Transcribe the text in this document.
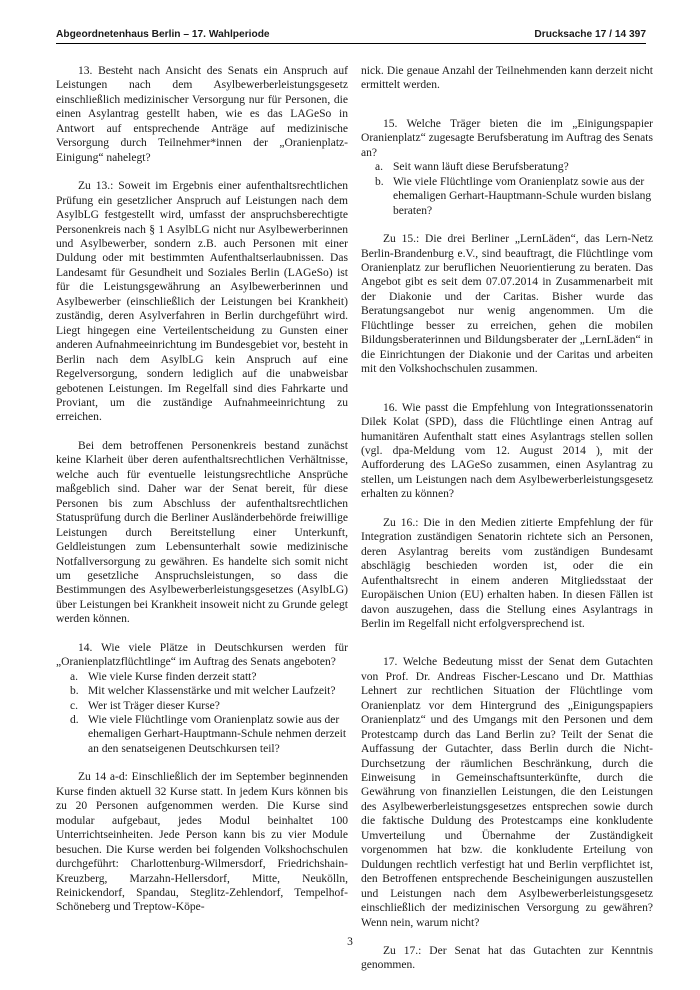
Abgeordnetenhaus Berlin – 17. Wahlperiode	Drucksache 17 / 14 397

13. Besteht nach Ansicht des Senats ein Anspruch auf Leistungen nach dem Asylbewerberleistungsgesetz einschließlich medizinischer Versorgung nur für Personen, die einen Asylantrag gestellt haben, wie es das LAGeSo in Antwort auf entsprechende Anträge auf medizinische Versorgung durch Teilnehmer*innen der „Oranienplatz-Einigung“ nahelegt?

Zu 13.: Soweit im Ergebnis einer aufenthaltsrechtlichen Prüfung ein gesetzlicher Anspruch auf Leistungen nach dem AsylbLG festgestellt wird, umfasst der anspruchsberechtigte Personenkreis nach § 1 AsylbLG nicht nur Asylbewerberinnen und Asylbewerber, sondern z.B. auch Personen mit einer Duldung oder mit bestimmten Aufenthaltserlaubnissen. Das Landesamt für Gesundheit und Soziales Berlin (LAGeSo) ist für die Leistungsgewährung an Asylbewerberinnen und Asylbewerber (einschließlich der Leistungen bei Krankheit) zuständig, deren Asylverfahren in Berlin durchgeführt wird. Liegt hingegen eine Verteilentscheidung zu Gunsten einer anderen Aufnahmeeinrichtung im Bundesgebiet vor, besteht in Berlin nach dem AsylbLG kein Anspruch auf eine Regelversorgung, sondern lediglich auf die unabweisbar gebotenen Leistungen. Im Regelfall sind dies Fahrkarte und Proviant, um die zuständige Aufnahmeeinrichtung zu erreichen.

Bei dem betroffenen Personenkreis bestand zunächst keine Klarheit über deren aufenthaltsrechtlichen Verhältnisse, welche auch für eventuelle leistungsrechtliche Ansprüche maßgeblich sind. Daher war der Senat bereit, für diese Personen bis zum Abschluss der aufenthaltsrechtlichen Statusprüfung durch die Berliner Ausländerbehörde freiwillige Leistungen durch Bereitstellung einer Unterkunft, Geldleistungen zum Lebensunterhalt sowie medizinische Notfallversorgung zu gewähren. Es handelte sich somit nicht um gesetzliche Anspruchsleistungen, so dass die Bestimmungen des Asylbewerberleistungsgesetzes (AsylbLG) über Leistungen bei Krankheit insoweit nicht zu Grunde gelegt werden können.

14. Wie viele Plätze in Deutschkursen werden für „Oranienplatzflüchtlinge“ im Auftrag des Senats angeboten?

a. Wie viele Kurse finden derzeit statt?
b. Mit welcher Klassenstärke und mit welcher Laufzeit?
c. Wer ist Träger dieser Kurse?
d. Wie viele Flüchtlinge vom Oranienplatz sowie aus der ehemaligen Gerhart-Hauptmann-Schule nehmen derzeit an den senatseigenen Deutschkursen teil?

Zu 14 a-d: Einschließlich der im September beginnenden Kurse finden aktuell 32 Kurse statt. In jedem Kurs können bis zu 20 Personen aufgenommen werden. Die Kurse sind modular aufgebaut, jedes Modul beinhaltet 100 Unterrichtseinheiten. Jede Person kann bis zu vier Module besuchen. Die Kurse werden bei folgenden Volkshochschulen durchgeführt: Charlottenburg-Wilmersdorf, Friedrichshain-Kreuzberg, Marzahn-Hellersdorf, Mitte, Neukölln, Reinickendorf, Spandau, Steglitz-Zehlendorf, Tempelhof-Schöneberg und Treptow-Köpe-

nick. Die genaue Anzahl der Teilnehmenden kann derzeit nicht ermittelt werden.

15. Welche Träger bieten die im „Einigungspapier Oranienplatz“ zugesagte Berufsberatung im Auftrag des Senats an?

a. Seit wann läuft diese Berufsberatung?
b. Wie viele Flüchtlinge vom Oranienplatz sowie aus der ehemaligen Gerhart-Hauptmann-Schule wurden bislang beraten?

Zu 15.: Die drei Berliner „LernLäden“, das Lern-Netz Berlin-Brandenburg e.V., sind beauftragt, die Flüchtlinge vom Oranienplatz zur beruflichen Neuorientierung zu beraten. Das Angebot gibt es seit dem 07.07.2014 in Zusammenarbeit mit der Diakonie und der Caritas. Bisher wurde das Beratungsangebot nur wenig angenommen. Um die Flüchtlinge besser zu erreichen, gehen die mobilen Bildungsberaterinnen und Bildungsberater der „LernLäden“ in die Einrichtungen der Diakonie und der Caritas und arbeiten mit den Volkshochschulen zusammen.

16. Wie passt die Empfehlung von Integrationssenatorin Dilek Kolat (SPD), dass die Flüchtlinge einen Antrag auf humanitären Aufenthalt statt eines Asylantrags stellen sollen (vgl. dpa-Meldung vom 12. August 2014 ), mit der Aufforderung des LAGeSo zusammen, einen Asylantrag zu stellen, um Leistungen nach dem Asylbewerberleistungsgesetz erhalten zu können?

Zu 16.: Die in den Medien zitierte Empfehlung der für Integration zuständigen Senatorin richtete sich an Personen, deren Asylantrag bereits vom zuständigen Bundesamt abschlägig beschieden worden ist, oder die ein Aufenthaltsrecht in einem anderen Mitgliedsstaat der Europäischen Union (EU) erhalten haben. In diesen Fällen ist davon auszugehen, dass die Stellung eines Asylantrags in Berlin im Regelfall nicht erfolgversprechend ist.

17. Welche Bedeutung misst der Senat dem Gutachten von Prof. Dr. Andreas Fischer-Lescano und Dr. Matthias Lehnert zur rechtlichen Situation der Flüchtlinge vom Oranienplatz vor dem Hintergrund des „Einigungspapiers Oranienplatz“ und des Umgangs mit den Personen und dem Protestcamp durch das Land Berlin zu? Teilt der Senat die Auffassung der Gutachter, dass Berlin durch die Nicht-Durchsetzung der räumlichen Beschränkung, durch die Einweisung in Gemeinschaftsunterkünfte, durch die Gewährung von finanziellen Leistungen, die den Leistungen des Asylbewerberleistungsgesetzes entsprechen sowie durch die faktische Duldung des Protestcamps eine konkludente Umverteilung und Übernahme der Zuständigkeit vorgenommen hat bzw. die konkludente Erteilung von Duldungen rechtlich verfestigt hat und Berlin verpflichtet ist, den Betroffenen entsprechende Bescheinigungen auszustellen und Leistungen nach dem Asylbewerberleistungsgesetz einschließlich der medizinischen Versorgung zu gewähren? Wenn nein, warum nicht?

Zu 17.: Der Senat hat das Gutachten zur Kenntnis genommen.

3
